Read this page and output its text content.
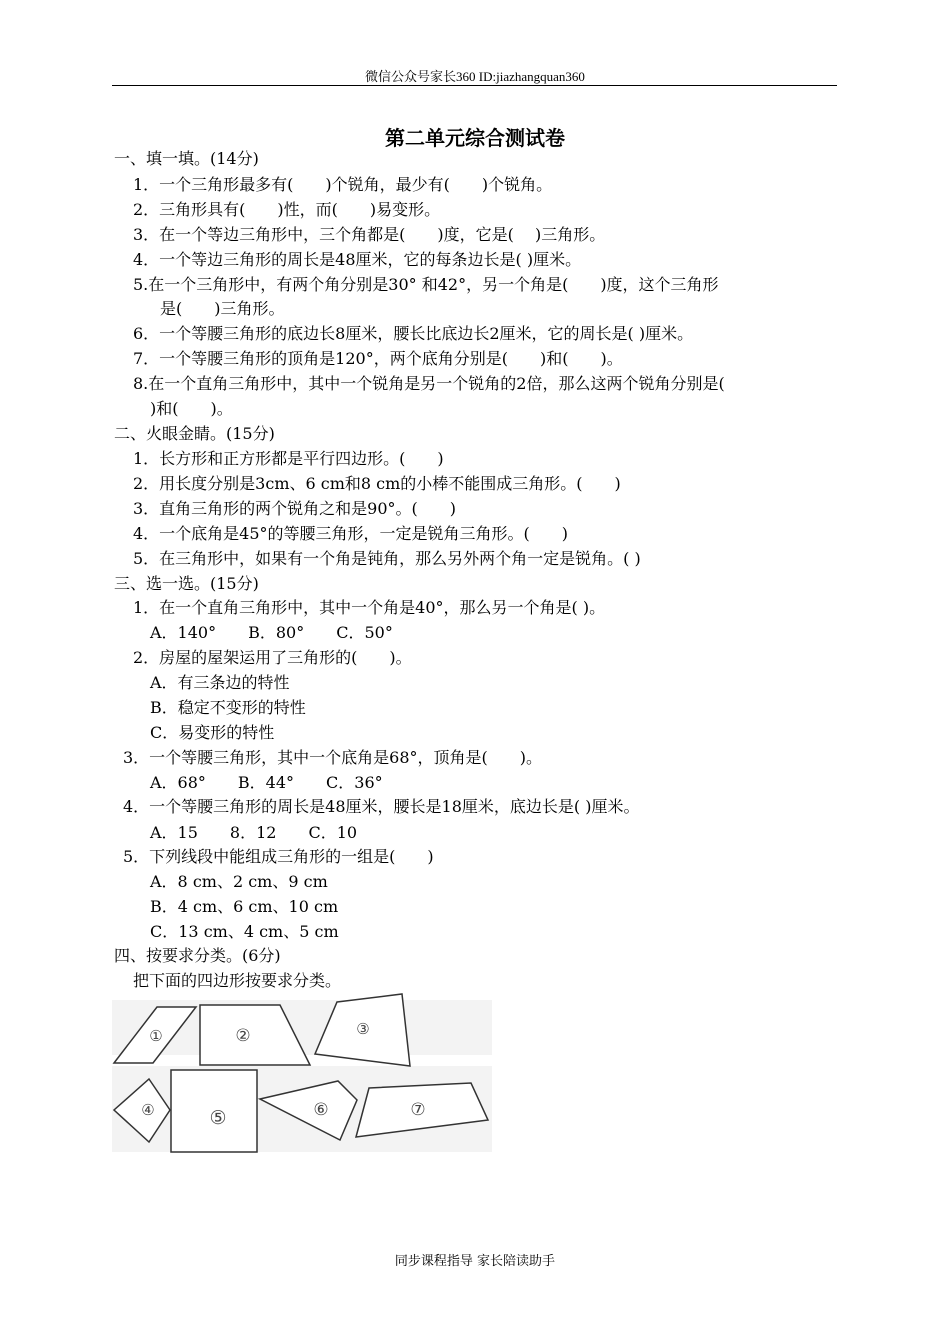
微信公众号家长360 ID:jiazhangquan360
第二单元综合测试卷
一、填一填。(14分)
1．一个三角形最多有(　　)个锐角，最少有(　　)个锐角。
2．三角形具有(　　)性，而(　　)易变形。
3．在一个等边三角形中，三个角都是(　　)度，它是(　 )三角形。
4．一个等边三角形的周长是48厘米，它的每条边长是( )厘米。
5.在一个三角形中，有两个角分别是30° 和42°，另一个角是(　　)度，这个三角形
是(　　)三角形。
6．一个等腰三角形的底边长8厘米，腰长比底边长2厘米，它的周长是( )厘米。
7．一个等腰三角形的顶角是120°，两个底角分别是(　　)和(　　)。
8.在一个直角三角形中，其中一个锐角是另一个锐角的2倍，那么这两个锐角分别是(
)和(　　)。
二、火眼金睛。(15分)
1．长方形和正方形都是平行四边形。(　　)
2．用长度分别是3cm、6 cm和8 cm的小棒不能围成三角形。(　　)
3．直角三角形的两个锐角之和是90°。(　　)
4．一个底角是45°的等腰三角形，一定是锐角三角形。(　　)
5．在三角形中，如果有一个角是钝角，那么另外两个角一定是锐角。( )
三、选一选。(15分)
1．在一个直角三角形中，其中一个角是40°，那么另一个角是( )。
A．140°　　B．80°　　C．50°
2．房屋的屋架运用了三角形的(　　)。
A．有三条边的特性
B．稳定不变形的特性
C．易变形的特性
3．一个等腰三角形，其中一个底角是68°，顶角是(　　)。
A．68°　　B．44°　　C．36°
4．一个等腰三角形的周长是48厘米，腰长是18厘米，底边长是( )厘米。
A．15　　8．12　　C．10
5．下列线段中能组成三角形的一组是(　　)
A．8 cm、2 cm、9 cm
B．4 cm、6 cm、10 cm
C．13 cm、4 cm、5 cm
四、按要求分类。(6分)
把下面的四边形按要求分类。
①	②	③
④	⑤	⑥	⑦
同步课程指导 家长陪读助手
